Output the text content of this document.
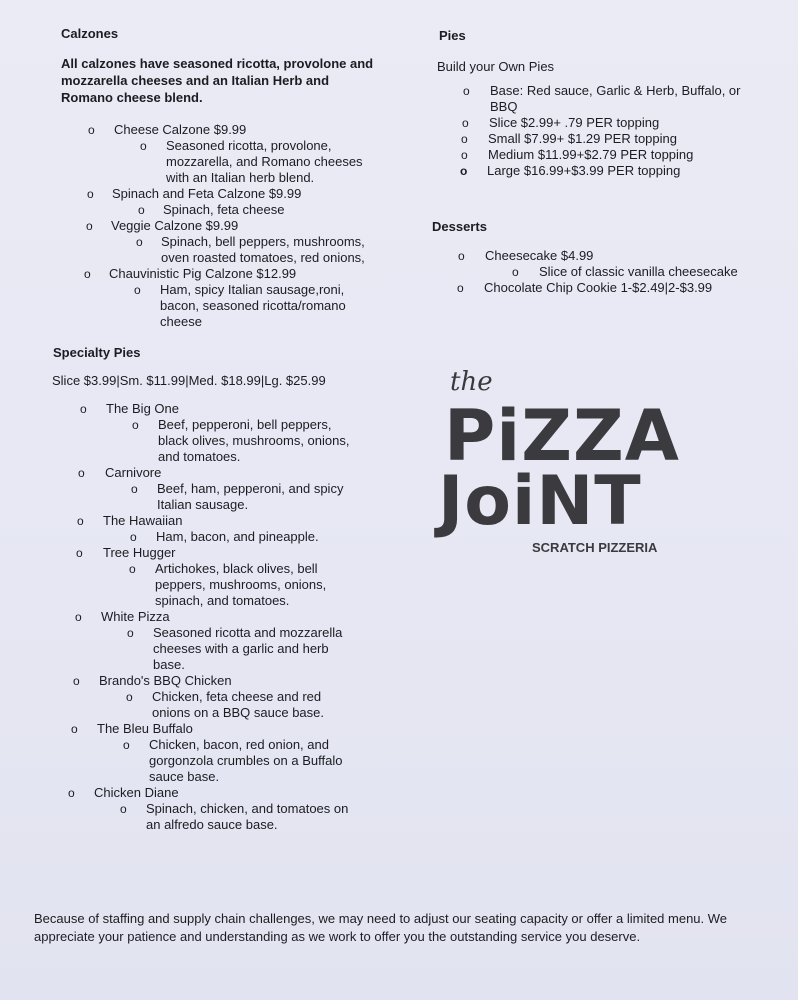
Calzones

All calzones have seasoned ricotta, provolone and mozzarella cheeses and an Italian Herb and Romano cheese blend.

o Cheese Calzone $9.99
o Seasoned ricotta, provolone, mozzarella, and Romano cheeses with an Italian herb blend.
o Spinach and Feta Calzone $9.99
o Spinach, feta cheese
o Veggie Calzone $9.99
o Spinach, bell peppers, mushrooms, oven roasted tomatoes, red onions,
o Chauvinistic Pig Calzone $12.99
o Ham, spicy Italian sausage,roni, bacon, seasoned ricotta/romano cheese
Specialty Pies

Slice $3.99|Sm. $11.99|Med. $18.99|Lg. $25.99

o The Big One
o Beef, pepperoni, bell peppers, black olives, mushrooms, onions, and tomatoes.
o Carnivore
o Beef, ham, pepperoni, and spicy Italian sausage.
o The Hawaiian
o Ham, bacon, and pineapple.
o Tree Hugger
o Artichokes, black olives, bell peppers, mushrooms, onions, spinach, and tomatoes.
o White Pizza
o Seasoned ricotta and mozzarella cheeses with a garlic and herb base.
o Brando's BBQ Chicken
o Chicken, feta cheese and red onions on a BBQ sauce base.
o The Bleu Buffalo
o Chicken, bacon, red onion, and gorgonzola crumbles on a Buffalo sauce base.
o Chicken Diane
o Spinach, chicken, and tomatoes on an alfredo sauce base.
Pies

Build your Own Pies

o Base: Red sauce, Garlic & Herb, Buffalo, or BBQ
o Slice $2.99+ .79 PER topping
o Small $7.99+ $1.29 PER topping
o Medium $11.99+$2.79 PER topping
o Large $16.99+$3.99 PER topping
Desserts
o Cheesecake $4.99
o Slice of classic vanilla cheesecake
o Chocolate Chip Cookie 1-$2.49|2-$3.99
the
PiZZA
JoiNT
SCRATCH PIZZERIA

Because of staffing and supply chain challenges, we may need to adjust our seating capacity or offer a limited menu. We appreciate your patience and understanding as we work to offer you the outstanding service you deserve.
